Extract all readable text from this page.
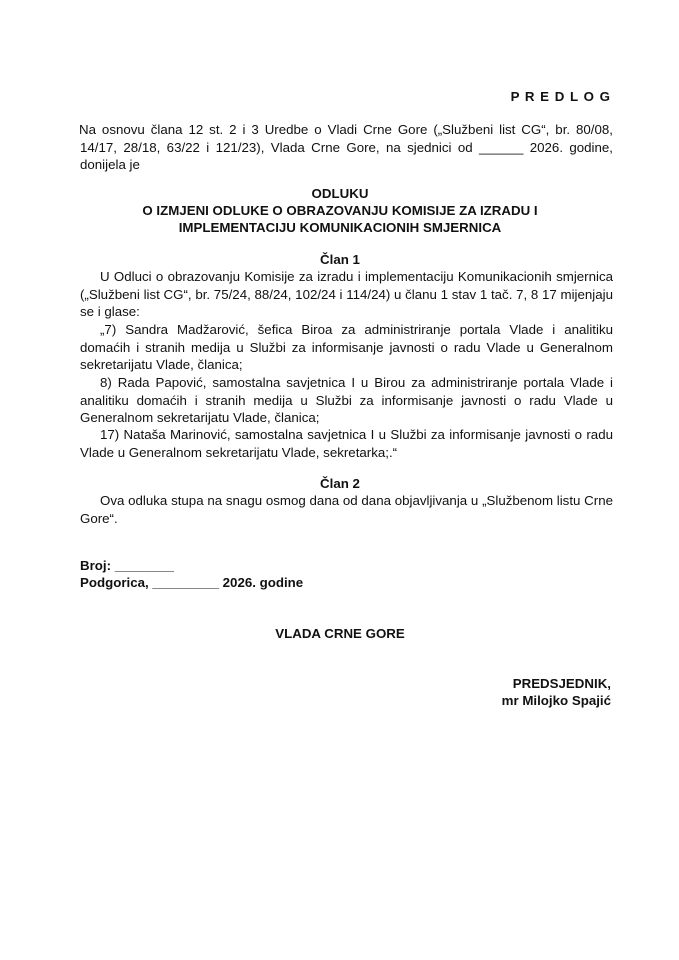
P R E D L O G
Na osnovu člana 12 st. 2 i 3 Uredbe o Vladi Crne Gore („Službeni list CG“, br. 80/08, 14/17, 28/18, 63/22 i 121/23), Vlada Crne Gore, na sjednici od ______ 2026. godine, donijela je
ODLUKU
O IZMJENI ODLUKE O OBRAZOVANJU KOMISIJE ZA IZRADU I
IMPLEMENTACIJU KOMUNIKACIONIH SMJERNICA
Član 1
U Odluci o obrazovanju Komisije za izradu i implementaciju Komunikacionih smjernica („Službeni list CG“, br. 75/24, 88/24, 102/24 i 114/24) u članu 1 stav 1 tač. 7, 8 17 mijenjaju se i glase:
„7) Sandra Madžarović, šefica Biroa za administriranje portala Vlade i analitiku domaćih i stranih medija u Službi za informisanje javnosti o radu Vlade u Generalnom sekretarijatu Vlade, članica;
8) Rada Papović, samostalna savjetnica I u Birou za administriranje portala Vlade i analitiku domaćih i stranih medija u Službi za informisanje javnosti o radu Vlade u Generalnom sekretarijatu Vlade, članica;
17) Nataša Marinović, samostalna savjetnica I u Službi za informisanje javnosti o radu Vlade u Generalnom sekretarijatu Vlade, sekretarka;.“
Član 2
Ova odluka stupa na snagu osmog dana od dana objavljivanja u „Službenom listu Crne Gore“.
Broj: ________
Podgorica, _________ 2026. godine
VLADA CRNE GORE
PREDSJEDNIK,
mr Milojko Spajić
